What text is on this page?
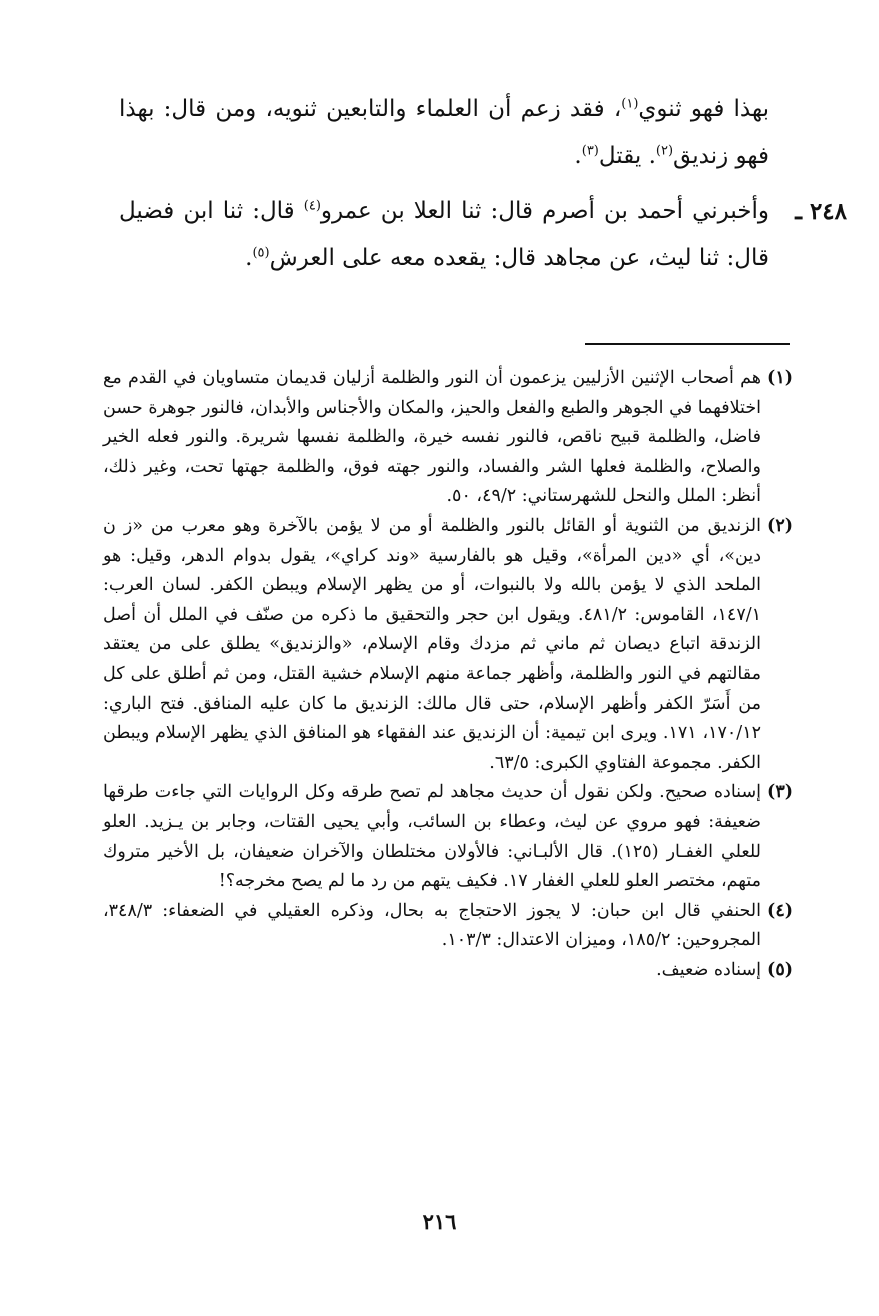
بهذا فهو ثنوي$^{(١)}$، فقد زعم أن العلماء والتابعين ثنويه، ومن قال: بهذا فهو زنديق$^{(٢)}$. يقتل$^{(٣)}$.

٢٤٨ ـ
وأخبرني أحمد بن أصرم قال: ثنا العلا بن عمرو$^{(٤)}$ قال: ثنا ابن فضيل قال: ثنا ليث، عن مجاهد قال: يقعده معه على العرش$^{(٥)}$.

(١)
هم أصحاب الإثنين الأزليين يزعمون أن النور والظلمة أزليان قديمان متساويان في القدم مع اختلافهما في الجوهر والطبع والفعل والحيز، والمكان والأجناس والأبدان، فالنور جوهرة حسن فاضل، والظلمة قبيح ناقص، فالنور نفسه خيرة، والظلمة نفسها شريرة. والنور فعله الخير والصلاح، والظلمة فعلها الشر والفساد، والنور جهته فوق، والظلمة جهتها تحت، وغير ذلك، أنظر: الملل والنحل للشهرستاني: ٤٩/٢، ٥٠.

(٢)
الزنديق من الثنوية أو القائل بالنور والظلمة أو من لا يؤمن بالآخرة وهو معرب من «ز ن دين»، أي «دين المرأة»، وقيل هو بالفارسية «وند كراي»، يقول بدوام الدهر، وقيل: هو الملحد الذي لا يؤمن بالله ولا بالنبوات، أو من يظهر الإسلام ويبطن الكفر. لسان العرب: ١٤٧/١، القاموس: ٤٨١/٢. ويقول ابن حجر والتحقيق ما ذكره من صنّف في الملل أن أصل الزندقة اتباع ديصان ثم ماني ثم مزدك وقام الإسلام، «والزنديق» يطلق على من يعتقد مقالتهم في النور والظلمة، وأظهر جماعة منهم الإسلام خشية القتل، ومن ثم أطلق على كل من أَسَرّ الكفر وأظهر الإسلام، حتى قال مالك: الزنديق ما كان عليه المنافق. فتح الباري: ١٧٠/١٢، ١٧١. ويرى ابن تيمية: أن الزنديق عند الفقهاء هو المنافق الذي يظهر الإسلام ويبطن الكفر. مجموعة الفتاوي الكبرى: ٦٣/٥.

(٣)
إسناده صحيح. ولكن نقول أن حديث مجاهد لم تصح طرقه وكل الروايات التي جاءت طرقها ضعيفة: فهو مروي عن ليث، وعطاء بن السائب، وأبي يحيى القتات، وجابر بن يـزيد. العلو للعلي الغفـار (١٢٥). قال الألبـاني: فالأولان مختلطان والآخران ضعيفان، بل الأخير متروك متهم، مختصر العلو للعلي الغفار ١٧. فكيف يتهم من رد ما لم يصح مخرجه؟!

(٤)
الحنفي قال ابن حبان: لا يجوز الاحتجاج به بحال، وذكره العقيلي في الضعفاء: ٣٤٨/٣، المجروحين: ١٨٥/٢، وميزان الاعتدال: ١٠٣/٣.

(٥)
إسناده ضعيف.

٢١٦
